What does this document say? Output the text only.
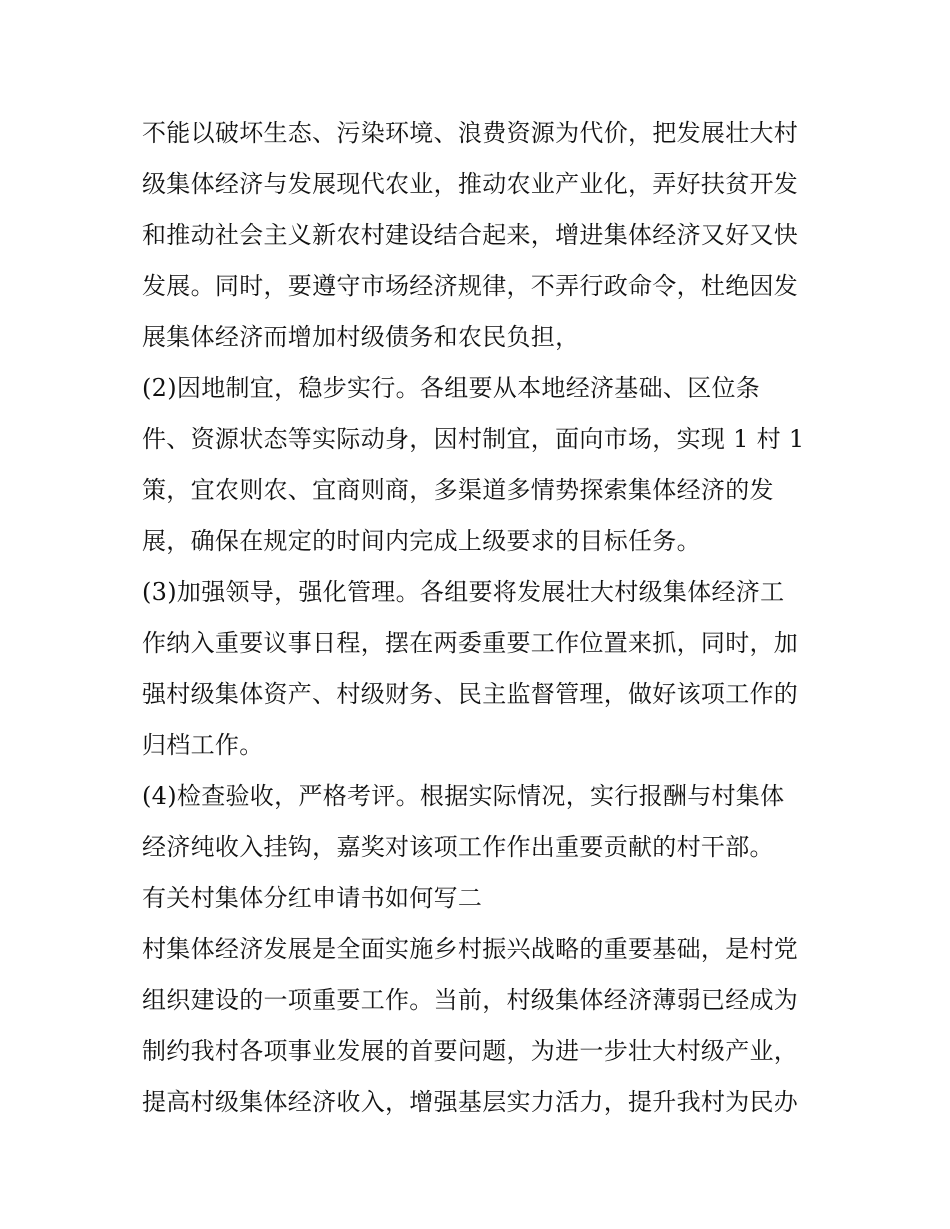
不能以破坏生态、污染环境、浪费资源为代价，把发展壮大村
级集体经济与发展现代农业，推动农业产业化，弄好扶贫开发
和推动社会主义新农村建设结合起来，增进集体经济又好又快
发展。同时，要遵守市场经济规律，不弄行政命令，杜绝因发
展集体经济而增加村级债务和农民负担，
(2)因地制宜，稳步实行。各组要从本地经济基础、区位条
件、资源状态等实际动身，因村制宜，面向市场，实现 1 村 1
策，宜农则农、宜商则商，多渠道多情势探索集体经济的发
展，确保在规定的时间内完成上级要求的目标任务。
(3)加强领导，强化管理。各组要将发展壮大村级集体经济工
作纳入重要议事日程，摆在两委重要工作位置来抓，同时，加
强村级集体资产、村级财务、民主监督管理，做好该项工作的
归档工作。
(4)检查验收，严格考评。根据实际情况，实行报酬与村集体
经济纯收入挂钩，嘉奖对该项工作作出重要贡献的村干部。
有关村集体分红申请书如何写二
村集体经济发展是全面实施乡村振兴战略的重要基础，是村党
组织建设的一项重要工作。当前，村级集体经济薄弱已经成为
制约我村各项事业发展的首要问题，为进一步壮大村级产业，
提高村级集体经济收入，增强基层实力活力，提升我村为民办
